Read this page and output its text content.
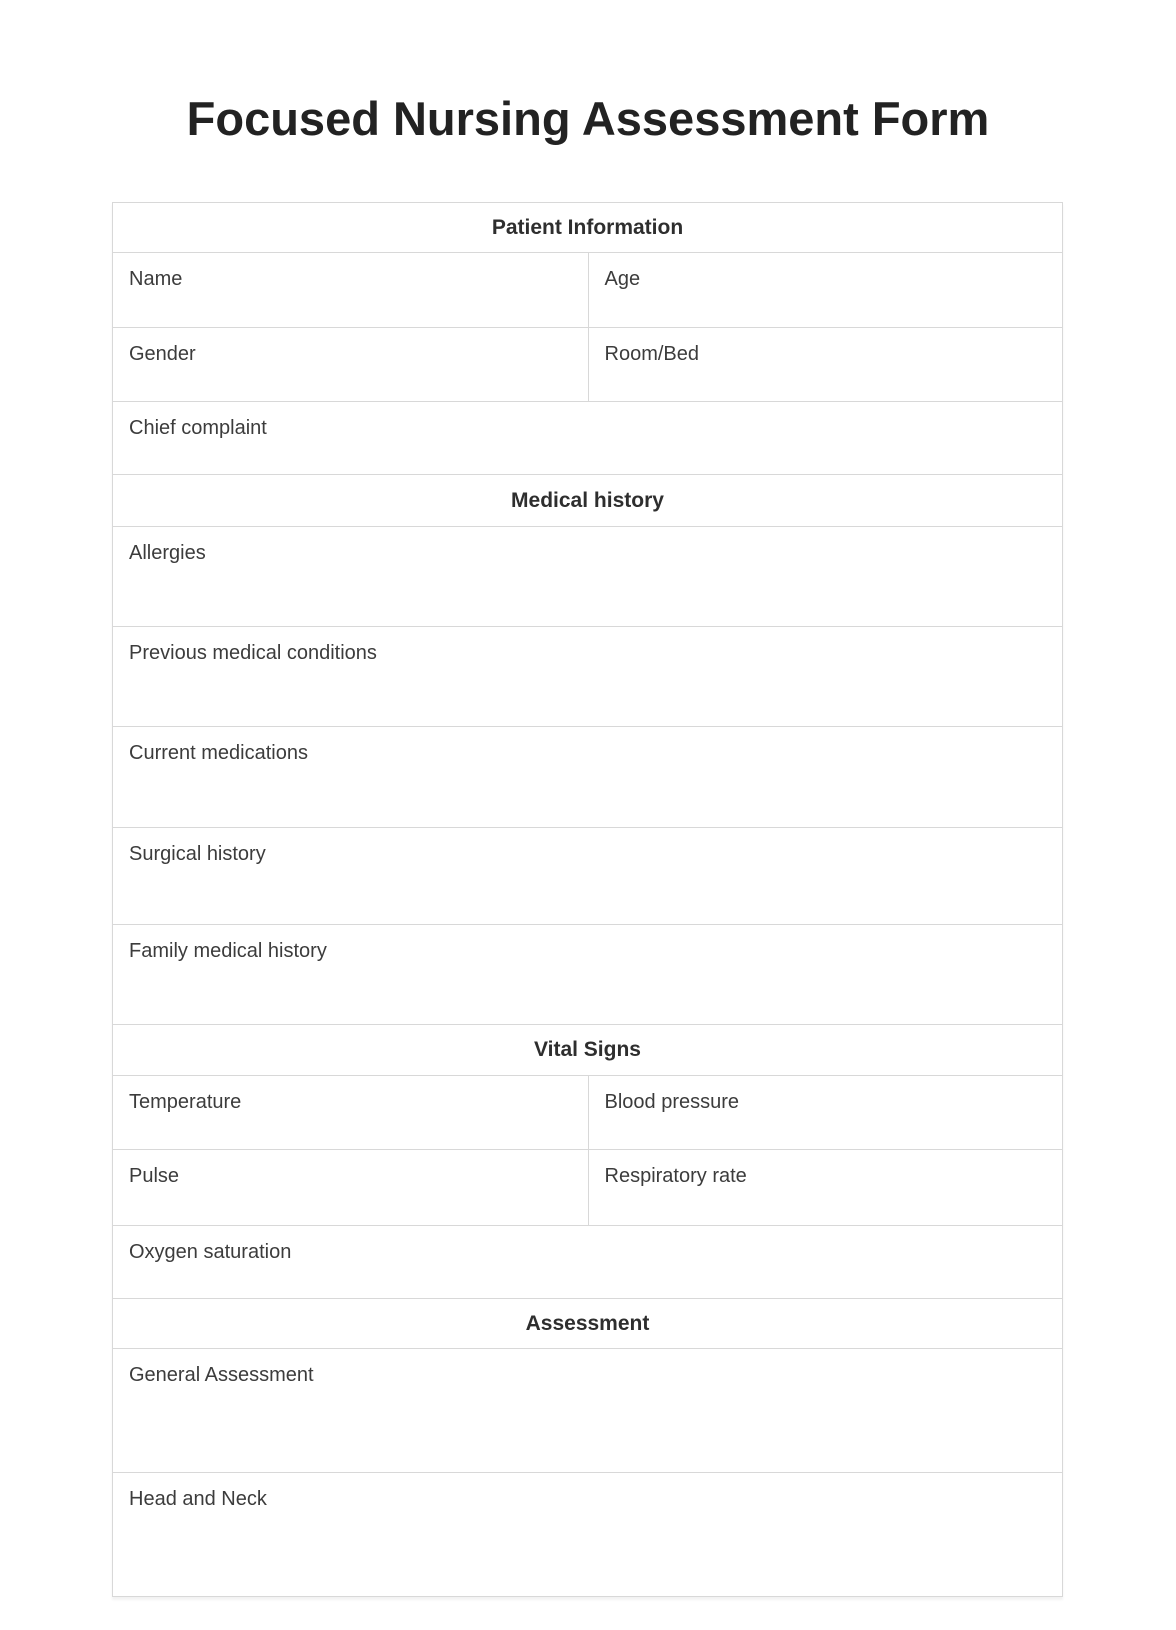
Focused Nursing Assessment Form
Patient Information
Name	Age
Gender	Room/Bed
Chief complaint
Medical history
Allergies
Previous medical conditions
Current medications
Surgical history
Family medical history
Vital Signs
Temperature	Blood pressure
Pulse	Respiratory rate
Oxygen saturation
Assessment
General Assessment
Head and Neck
